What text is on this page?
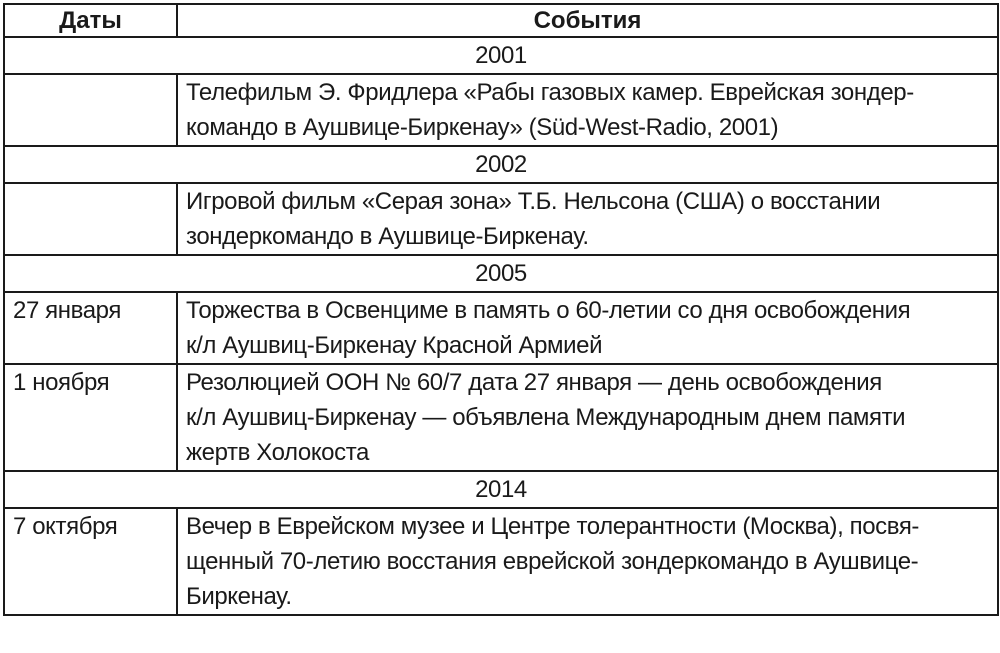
Даты	События
2001	

	Телефильм Э. Фридлера «Рабы газовых камер. Еврейская зондер-
командо в Аушвице-Биркенау» (Süd-West-Radio, 2001)

2002	

	Игровой фильм «Серая зона» Т.Б. Нельсона (США) о восстании
зондеркомандо в Аушвице-Биркенау.

2005	
27 января	Торжества в Освенциме в память о 60-летии со дня освобождения
к/л Аушвиц-Биркенау Красной Армией

1 ноября	Резолюцией ООН № 60/7 дата 27 января — день освобождения
к/л Аушвиц-Биркенау — объявлена Международным днем памяти
жертв Холокоста

2014	
7 октября	Вечер в Еврейском музее и Центре толерантности (Москва), посвя-
щенный 70-летию восстания еврейской зондеркомандо в Аушвице-
Биркенау.
